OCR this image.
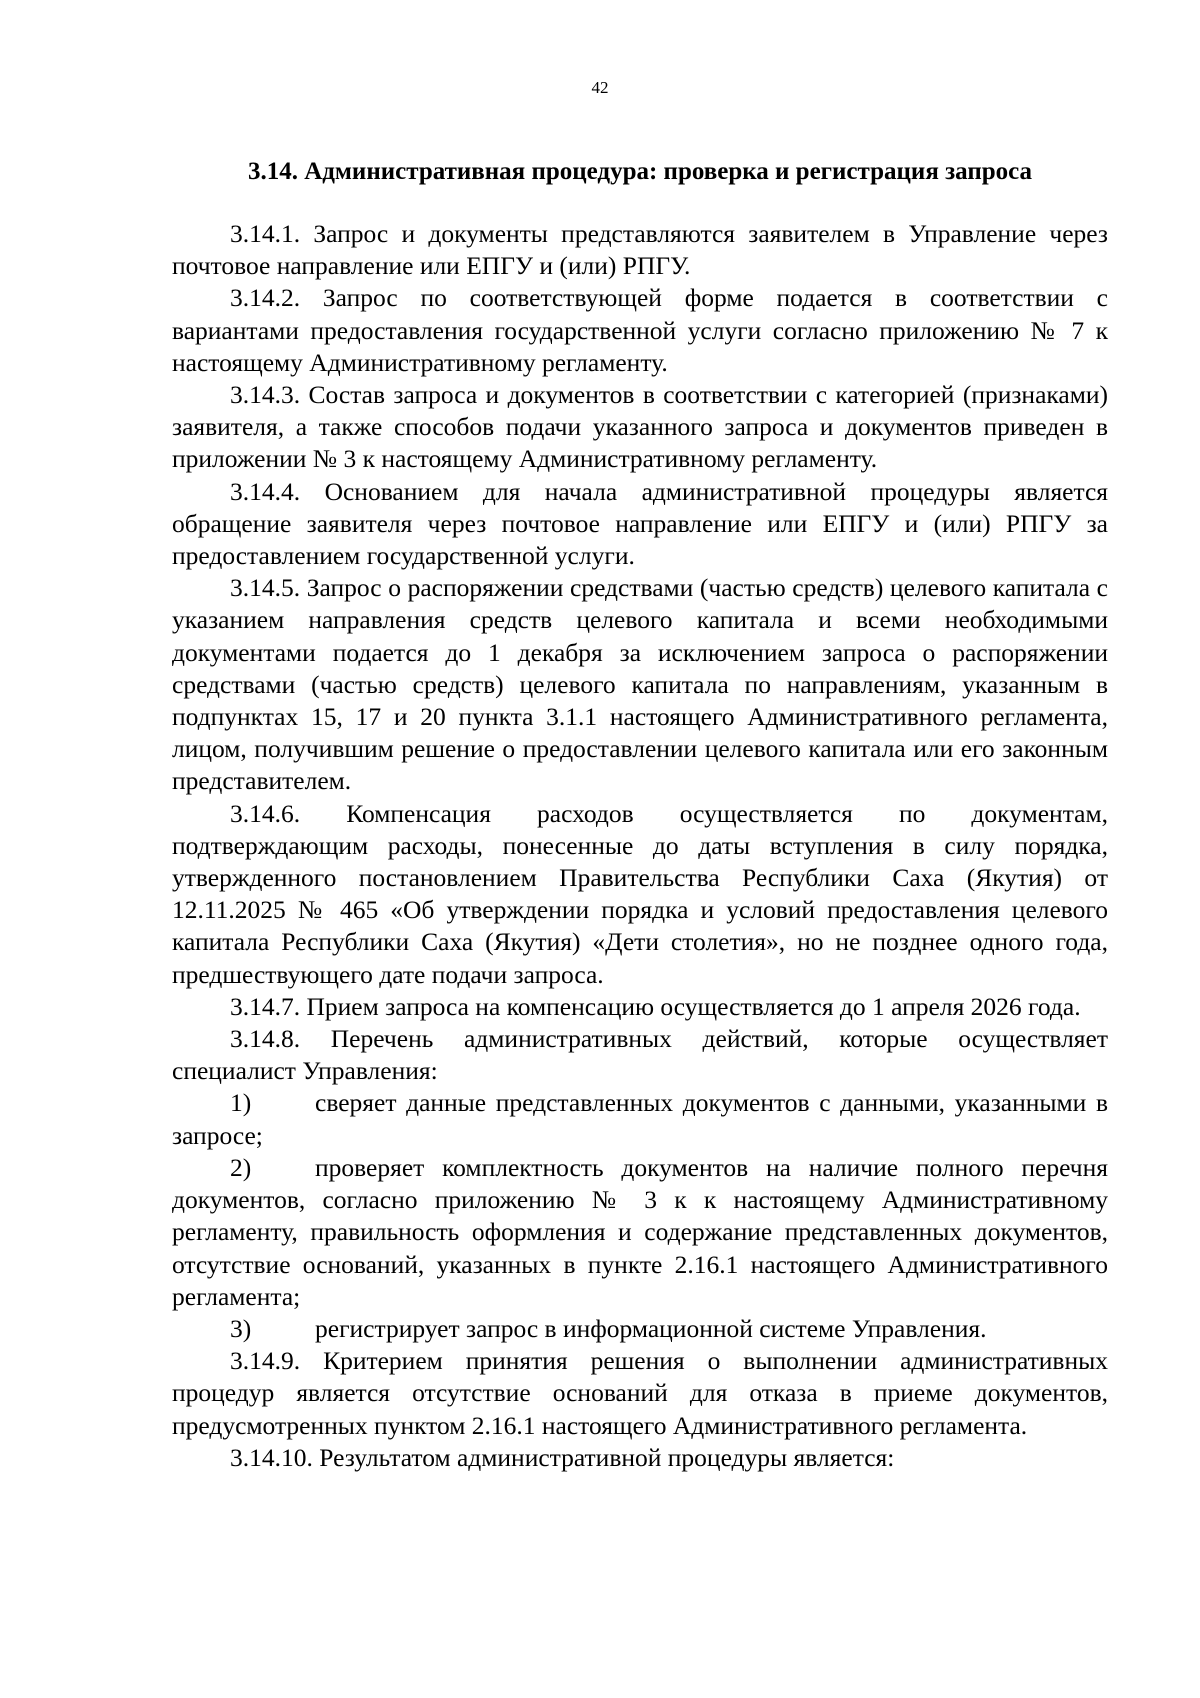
42
3.14. Административная процедура: проверка и регистрация запроса

3.14.1. Запрос и документы представляются заявителем в Управление через почтовое направление или ЕПГУ и (или) РПГУ.

3.14.2. Запрос по соответствующей форме подается в соответствии с вариантами предоставления государственной услуги согласно приложению № 7 к настоящему Административному регламенту.

3.14.3. Состав запроса и документов в соответствии с категорией (признаками) заявителя, а также способов подачи указанного запроса и документов приведен в приложении № 3 к настоящему Административному регламенту.

3.14.4. Основанием для начала административной процедуры является обращение заявителя через почтовое направление или ЕПГУ и (или) РПГУ за предоставлением государственной услуги.

3.14.5. Запрос о распоряжении средствами (частью средств) целевого капитала с указанием направления средств целевого капитала и всеми необходимыми документами подается до 1 декабря за исключением запроса о распоряжении средствами (частью средств) целевого капитала по направлениям, указанным в подпунктах 15, 17 и 20 пункта 3.1.1 настоящего Административного регламента, лицом, получившим решение о предоставлении целевого капитала или его законным представителем.

3.14.6. Компенсация расходов осуществляется по документам, подтверждающим расходы, понесенные до даты вступления в силу порядка, утвержденного постановлением Правительства Республики Саха (Якутия) от 12.11.2025 № 465 «Об утверждении порядка и условий предоставления целевого капитала Республики Саха (Якутия) «Дети столетия», но не позднее одного года, предшествующего дате подачи запроса.

3.14.7. Прием запроса на компенсацию осуществляется до 1 апреля 2026 года.

3.14.8. Перечень административных действий, которые осуществляет специалист Управления:

1)	сверяет данные представленных документов с данными, указанными в запросе;

2)	проверяет комплектность документов на наличие полного перечня документов, согласно приложению № 3 к к настоящему Административному регламенту, правильность оформления и содержание представленных документов, отсутствие оснований, указанных в пункте 2.16.1 настоящего Административного регламента;

3)	регистрирует запрос в информационной системе Управления.

3.14.9. Критерием принятия решения о выполнении административных процедур является отсутствие оснований для отказа в приеме документов, предусмотренных пунктом 2.16.1 настоящего Административного регламента.

3.14.10. Результатом административной процедуры является:
